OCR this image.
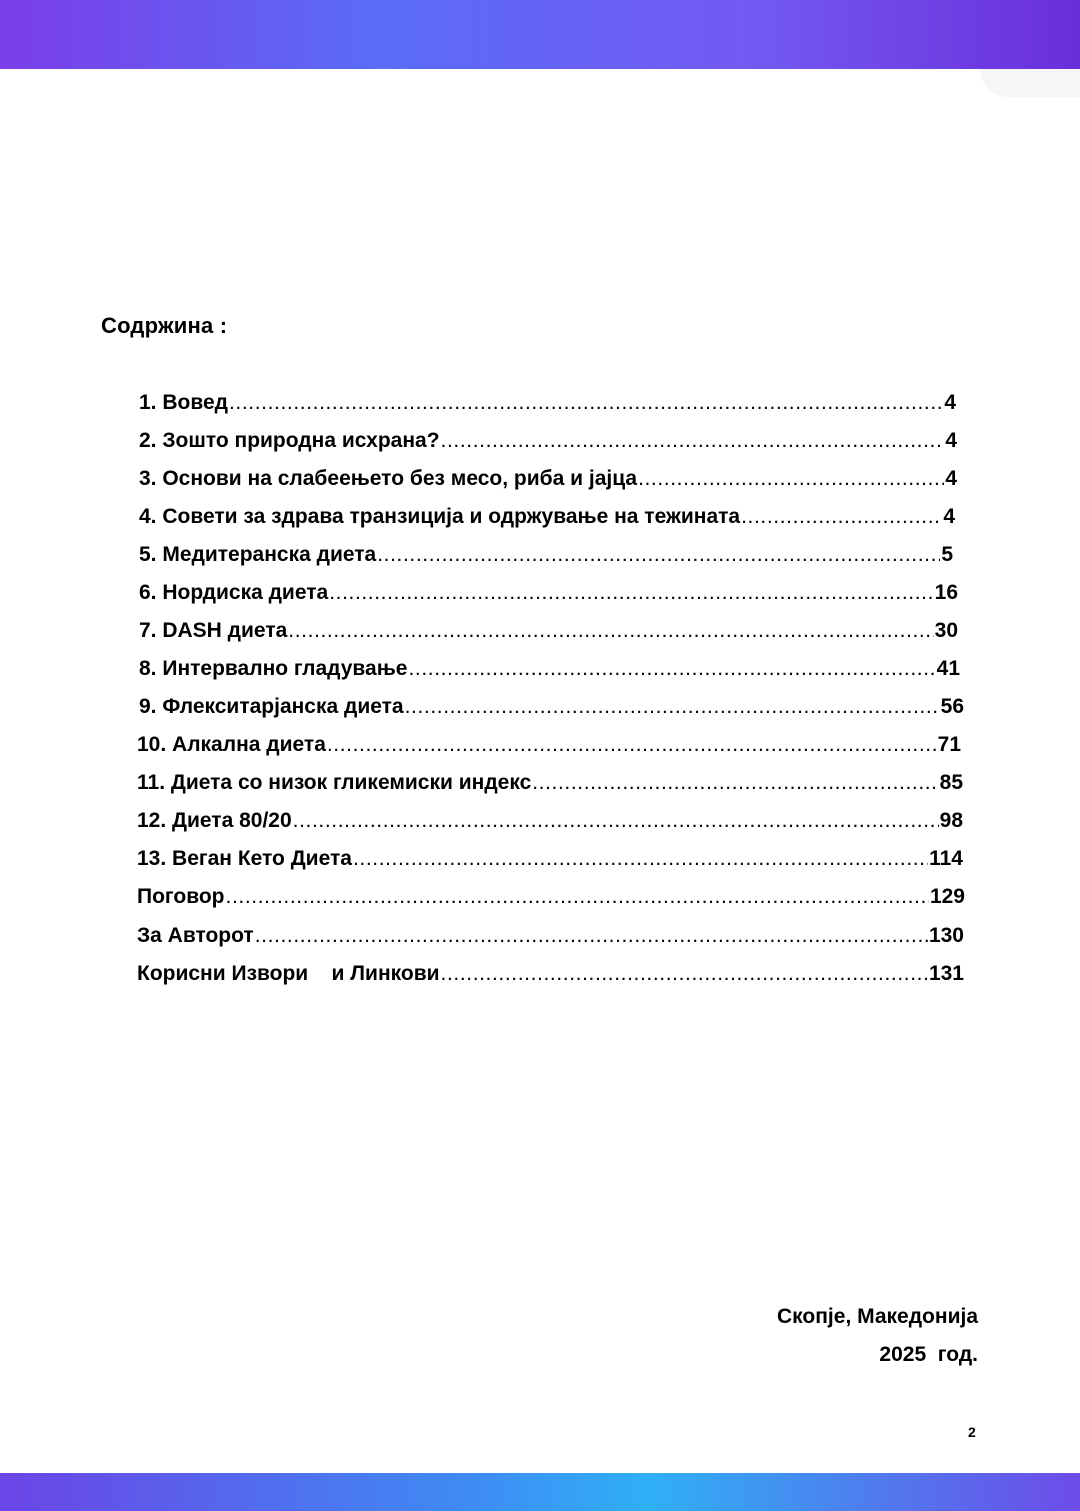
Содржина :
1. Вовед .....	4
2. Зошто природна исхрана? .....	4
3. Основи на слабеењето без месо, риба и јајца .....	4
4. Совети за здрава транзиција и одржување на тежината .....	4
5. Медитеранска диета .....	5
6. Нордиска диета .....	16
7. DASH диета .....	30
8. Интервално гладување .....	41
9. Флекситарјанска диета .....	56
10. Алкална диета .....	71
11. Диета со низок гликемиски индекс .....	85
12. Диета 80/20 .....	98
13. Веган Кето Диета .....	114
Поговор .....	129
За Авторот .....	130
Корисни Извори    и Линкови .....	131

Скопје, Македонија

2025  год.

2
